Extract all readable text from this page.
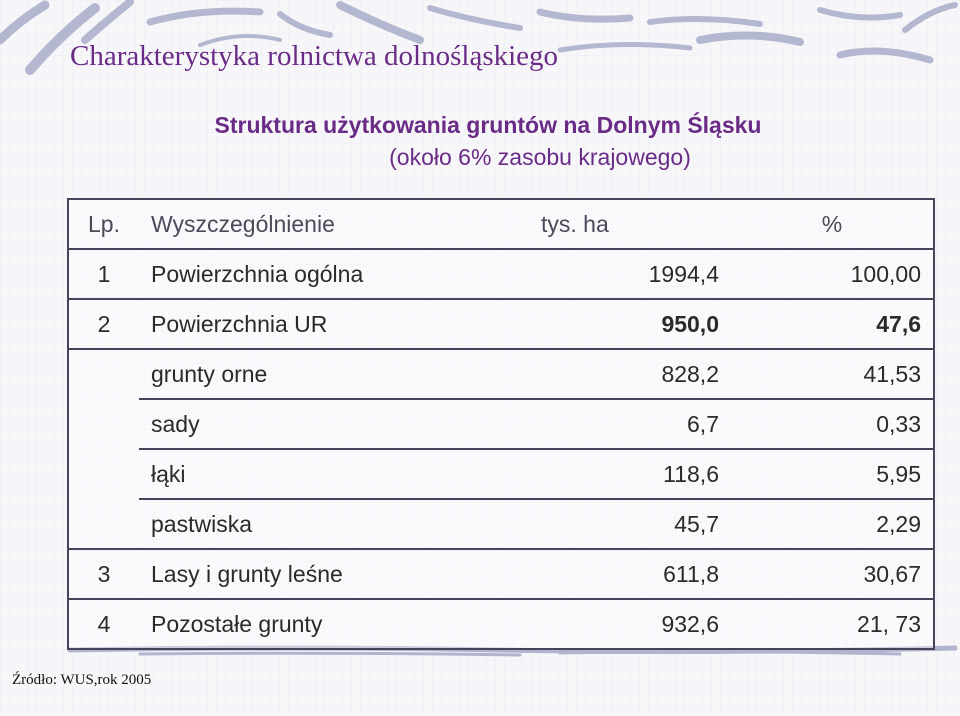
Charakterystyka rolnictwa dolnośląskiego
Struktura użytkowania gruntów na Dolnym Śląsku
(około 6% zasobu krajowego)
Lp.	Wyszczególnienie	tys. ha	%
1	Powierzchnia ogólna	1994,4	100,00
2	Powierzchnia UR	950,0	47,6
	grunty orne	828,2	41,53
	sady	6,7	0,33
	łąki	118,6	5,95
	pastwiska	45,7	2,29
3	Lasy i grunty leśne	611,8	30,67
4	Pozostałe grunty	932,6	21, 73
Źródło: WUS,rok 2005
